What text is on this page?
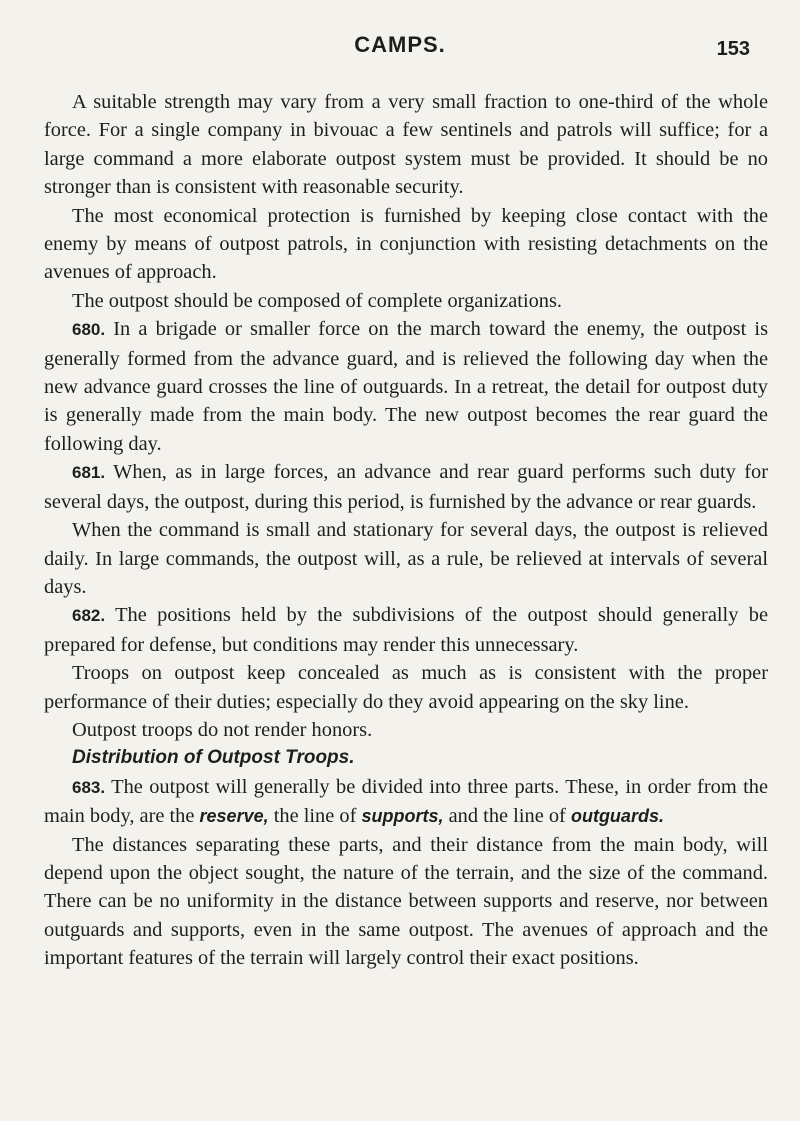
CAMPS.	153

A suitable strength may vary from a very small fraction to one-third of the whole force. For a single company in bivouac a few sentinels and patrols will suffice; for a large command a more elaborate outpost system must be provided. It should be no stronger than is consistent with reasonable security.

The most economical protection is furnished by keeping close contact with the enemy by means of outpost patrols, in conjunction with resisting detachments on the avenues of approach.

The outpost should be composed of complete organizations.

680. In a brigade or smaller force on the march toward the enemy, the outpost is generally formed from the advance guard, and is relieved the following day when the new advance guard crosses the line of outguards. In a retreat, the detail for outpost duty is generally made from the main body. The new outpost becomes the rear guard the following day.

681. When, as in large forces, an advance and rear guard performs such duty for several days, the outpost, during this period, is furnished by the advance or rear guards.

When the command is small and stationary for several days, the outpost is relieved daily. In large commands, the outpost will, as a rule, be relieved at intervals of several days.

682. The positions held by the subdivisions of the outpost should generally be prepared for defense, but conditions may render this unnecessary.

Troops on outpost keep concealed as much as is consistent with the proper performance of their duties; especially do they avoid appearing on the sky line.

Outpost troops do not render honors.

Distribution of Outpost Troops.

683. The outpost will generally be divided into three parts. These, in order from the main body, are the reserve, the line of supports, and the line of outguards.

The distances separating these parts, and their distance from the main body, will depend upon the object sought, the nature of the terrain, and the size of the command. There can be no uniformity in the distance between supports and reserve, nor between outguards and supports, even in the same outpost. The avenues of approach and the important features of the terrain will largely control their exact positions.
